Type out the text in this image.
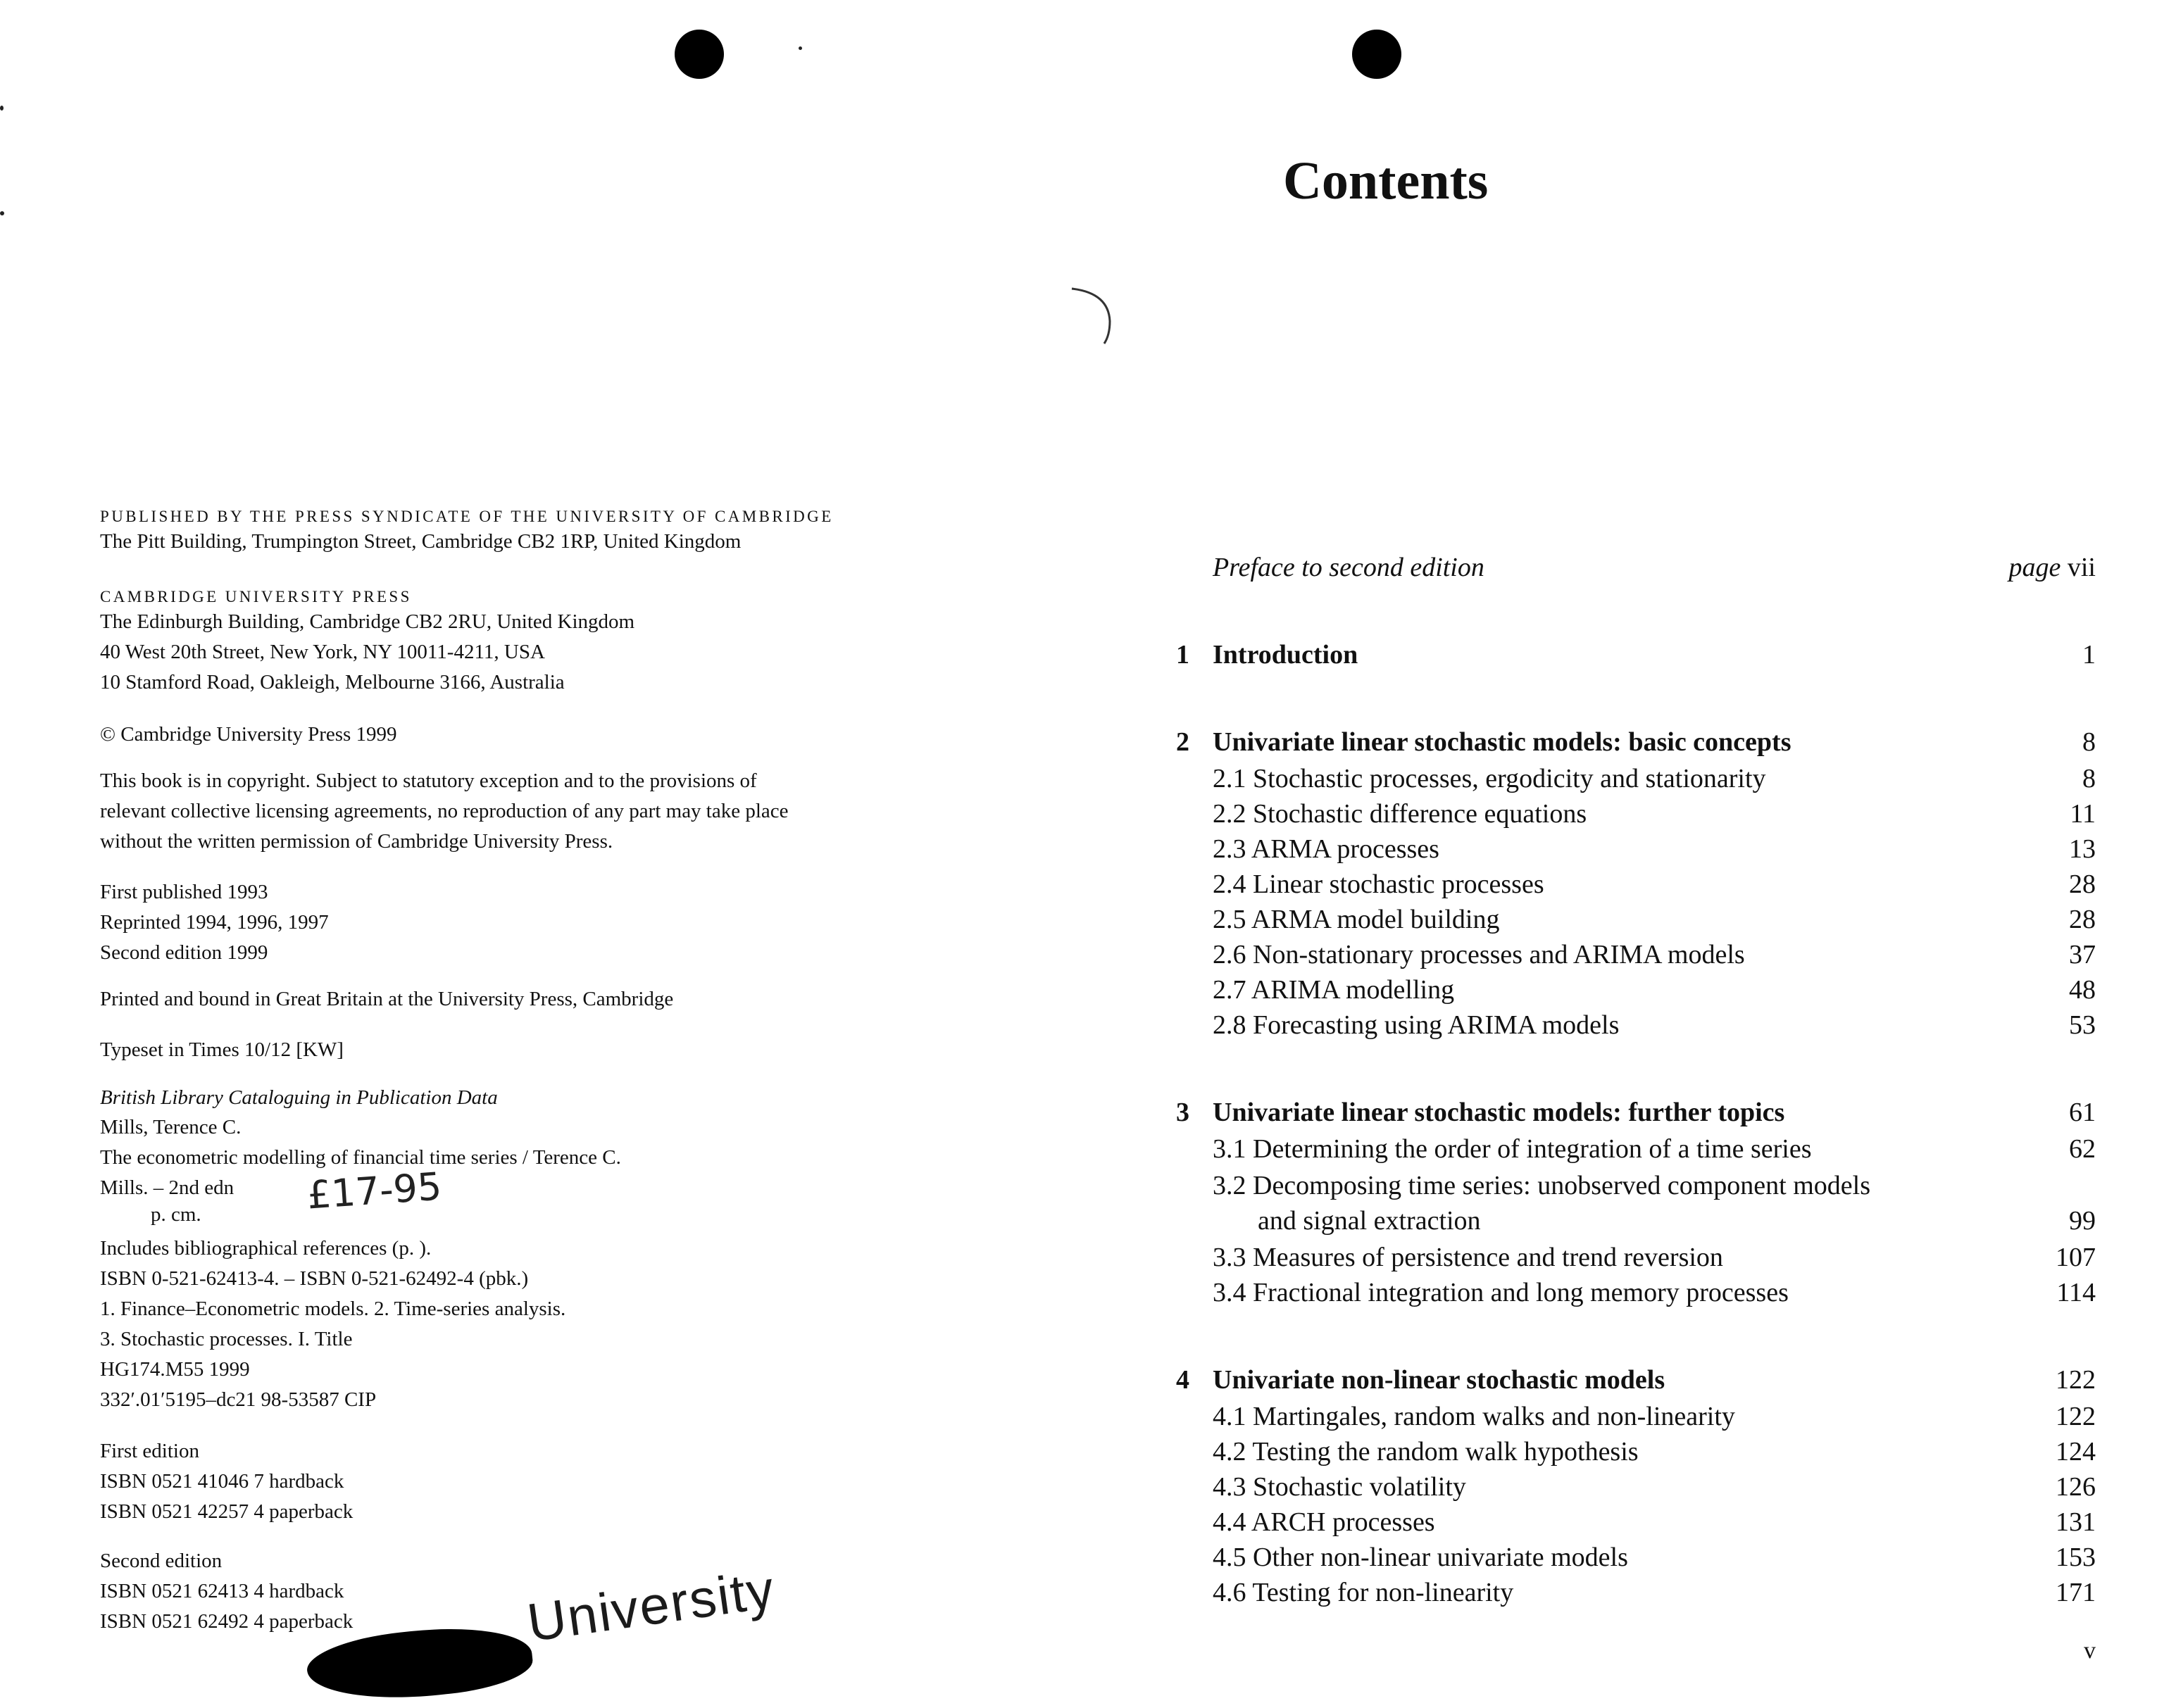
PUBLISHED BY THE PRESS SYNDICATE OF THE UNIVERSITY OF CAMBRIDGE
The Pitt Building, Trumpington Street, Cambridge CB2 1RP, United Kingdom
CAMBRIDGE UNIVERSITY PRESS
The Edinburgh Building, Cambridge CB2 2RU, United Kingdom
40 West 20th Street, New York, NY 10011-4211, USA
10 Stamford Road, Oakleigh, Melbourne 3166, Australia
© Cambridge University Press 1999
This book is in copyright. Subject to statutory exception and to the provisions of
relevant collective licensing agreements, no reproduction of any part may take place
without the written permission of Cambridge University Press.
First published 1993
Reprinted 1994, 1996, 1997
Second edition 1999
Printed and bound in Great Britain at the University Press, Cambridge
Typeset in Times 10/12 [KW]
British Library Cataloguing in Publication Data
Mills, Terence C.
The econometric modelling of financial time series / Terence C.
Mills. – 2nd edn
p. cm.
Includes bibliographical references (p. ).
ISBN 0-521-62413-4. – ISBN 0-521-62492-4 (pbk.)
1. Finance–Econometric models. 2. Time-series analysis.
3. Stochastic processes. I. Title
HG174.M55 1999
332′.01′5195–dc21 98-53587 CIP
£17-95
First edition
ISBN 0521 41046 7 hardback
ISBN 0521 42257 4 paperback
Second edition
ISBN 0521 62413 4 hardback
ISBN 0521 62492 4 paperback	University
Contents
Preface to second edition	page vii
1 Introduction	1
2 Univariate linear stochastic models: basic concepts	8
2.1 Stochastic processes, ergodicity and stationarity	8
2.2 Stochastic difference equations	11
2.3 ARMA processes	13
2.4 Linear stochastic processes	28
2.5 ARMA model building	28
2.6 Non-stationary processes and ARIMA models	37
2.7 ARIMA modelling	48
2.8 Forecasting using ARIMA models	53
3 Univariate linear stochastic models: further topics	61
3.1 Determining the order of integration of a time series	62
3.2 Decomposing time series: unobserved component models
and signal extraction	99
3.3 Measures of persistence and trend reversion	107
3.4 Fractional integration and long memory processes	114
4 Univariate non-linear stochastic models	122
4.1 Martingales, random walks and non-linearity	122
4.2 Testing the random walk hypothesis	124
4.3 Stochastic volatility	126
4.4 ARCH processes	131
4.5 Other non-linear univariate models	153
4.6 Testing for non-linearity	171
v
